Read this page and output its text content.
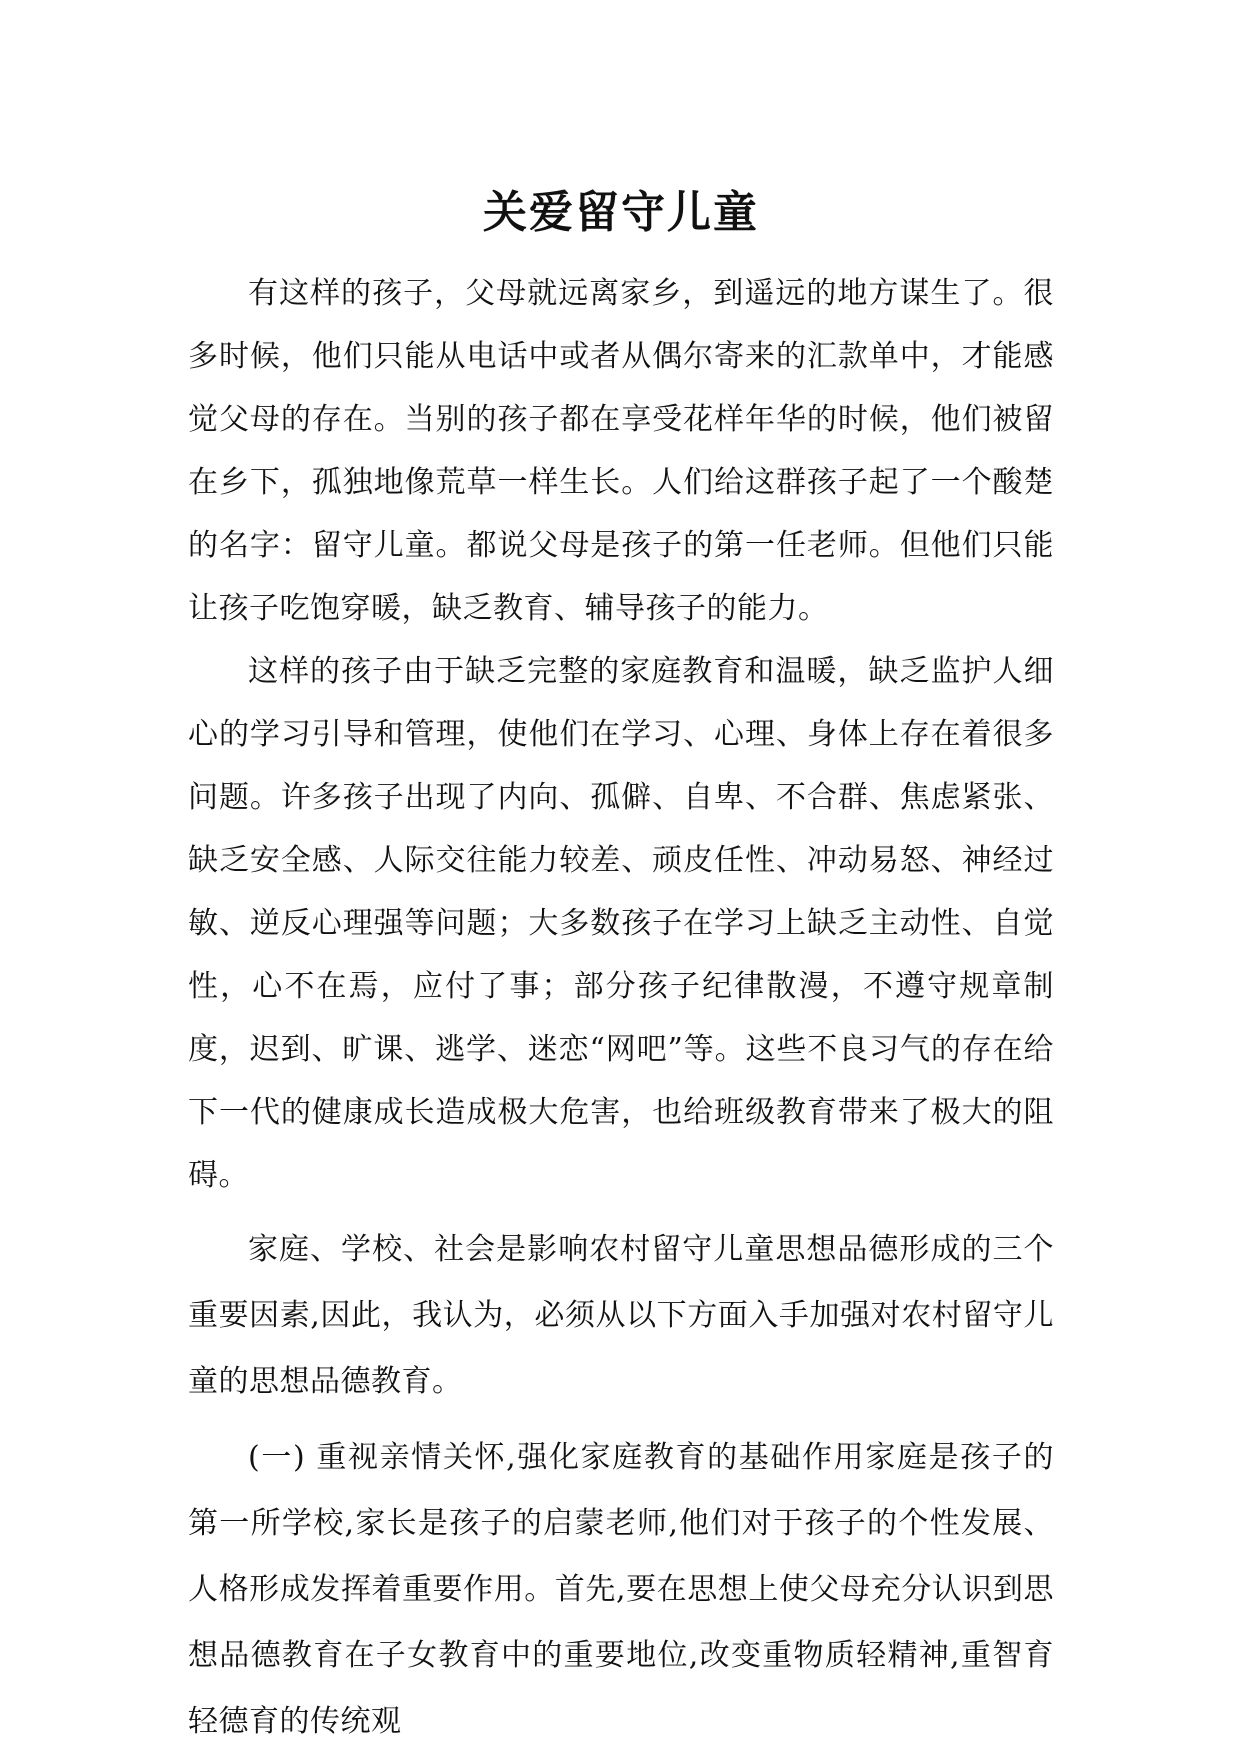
关爱留守儿童

有这样的孩子，父母就远离家乡，到遥远的地方谋生了。很多时候，他们只能从电话中或者从偶尔寄来的汇款单中，才能感觉父母的存在。当别的孩子都在享受花样年华的时候，他们被留在乡下，孤独地像荒草一样生长。人们给这群孩子起了一个酸楚的名字：留守儿童。都说父母是孩子的第一任老师。但他们只能让孩子吃饱穿暖，缺乏教育、辅导孩子的能力。

这样的孩子由于缺乏完整的家庭教育和温暖，缺乏监护人细心的学习引导和管理，使他们在学习、心理、身体上存在着很多问题。许多孩子出现了内向、孤僻、自卑、不合群、焦虑紧张、缺乏安全感、人际交往能力较差、顽皮任性、冲动易怒、神经过敏、逆反心理强等问题；大多数孩子在学习上缺乏主动性、自觉性，心不在焉，应付了事；部分孩子纪律散漫，不遵守规章制度，迟到、旷课、逃学、迷恋“网吧”等。这些不良习气的存在给下一代的健康成长造成极大危害，也给班级教育带来了极大的阻碍。

家庭、学校、社会是影响农村留守儿童思想品德形成的三个重要因素,因此，我认为，必须从以下方面入手加强对农村留守儿童的思想品德教育。

(一) 重视亲情关怀,强化家庭教育的基础作用家庭是孩子的第一所学校,家长是孩子的启蒙老师,他们对于孩子的个性发展、人格形成发挥着重要作用。首先,要在思想上使父母充分认识到思想品德教育在子女教育中的重要地位,改变重物质轻精神,重智育轻德育的传统观
